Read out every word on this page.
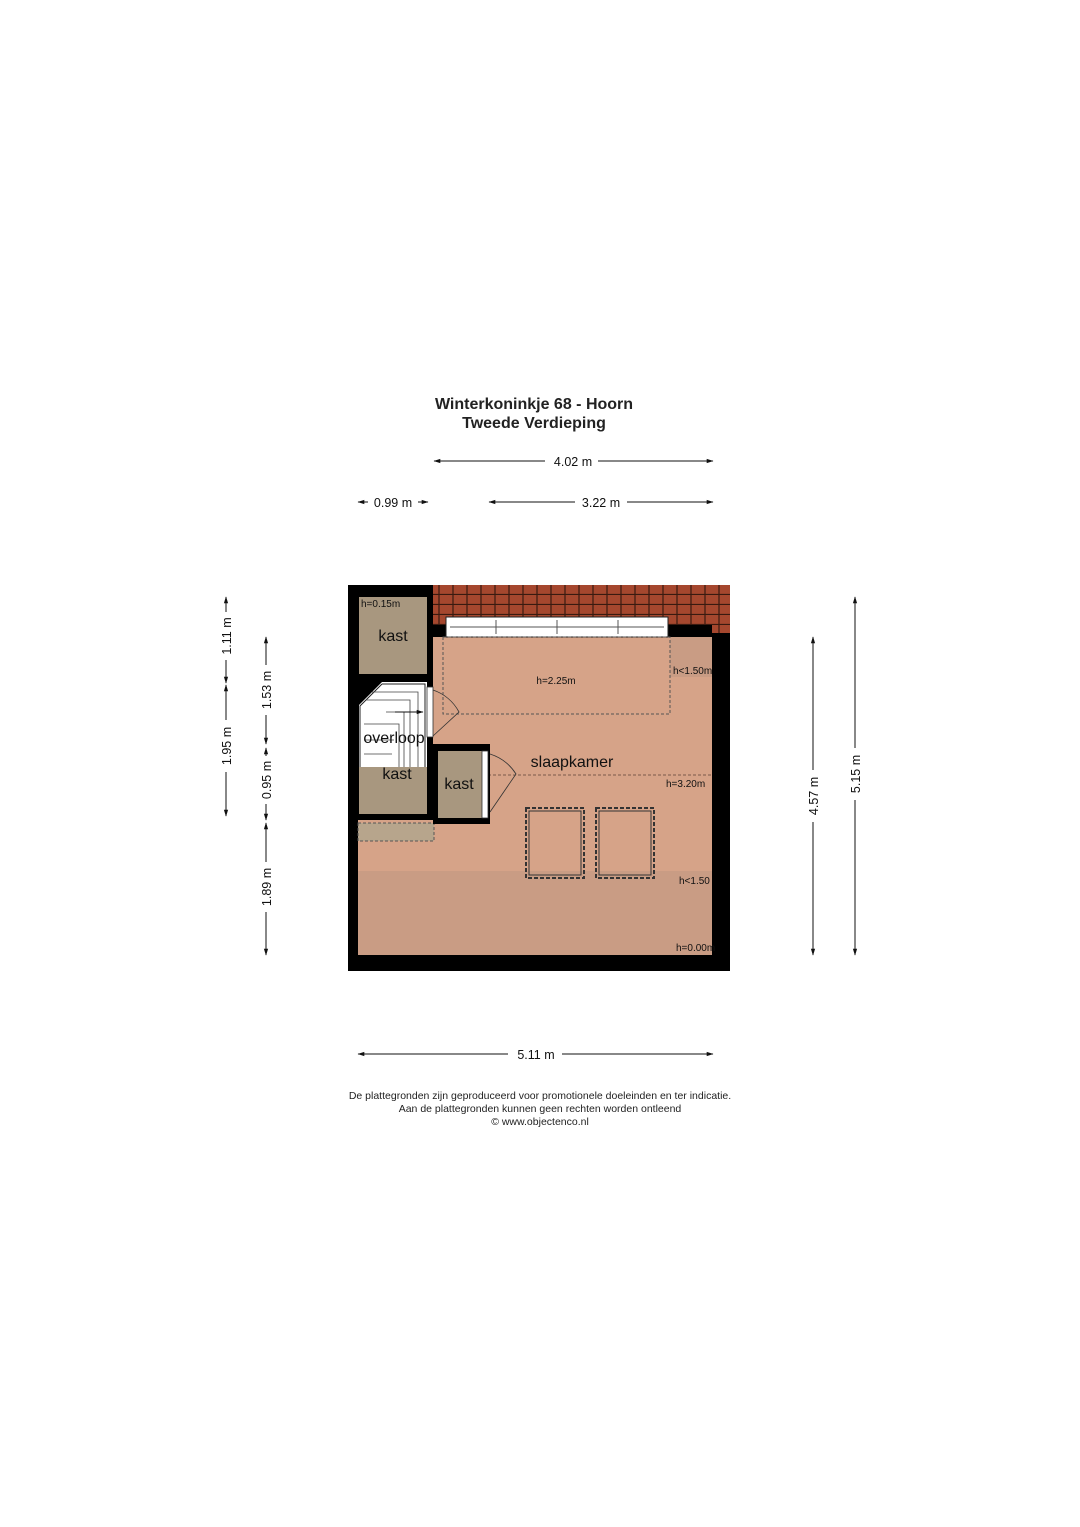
Winterkoninkje 68 - Hoorn
Tweede Verdieping
kast
overloop
kast
kast
slaapkamer
h=0.15m
h=2.25m
h<1.50m
h=3.20m
h<1.50
h=0.00m
4.02 m
0.99 m	3.22 m
5.11 m
1.11 m
1.95 m
1.53 m
0.95 m
1.89 m
4.57 m
5.15 m
De plattegronden zijn geproduceerd voor promotionele doeleinden en ter indicatie.
Aan de plattegronden kunnen geen rechten worden ontleend
© www.objectenco.nl
